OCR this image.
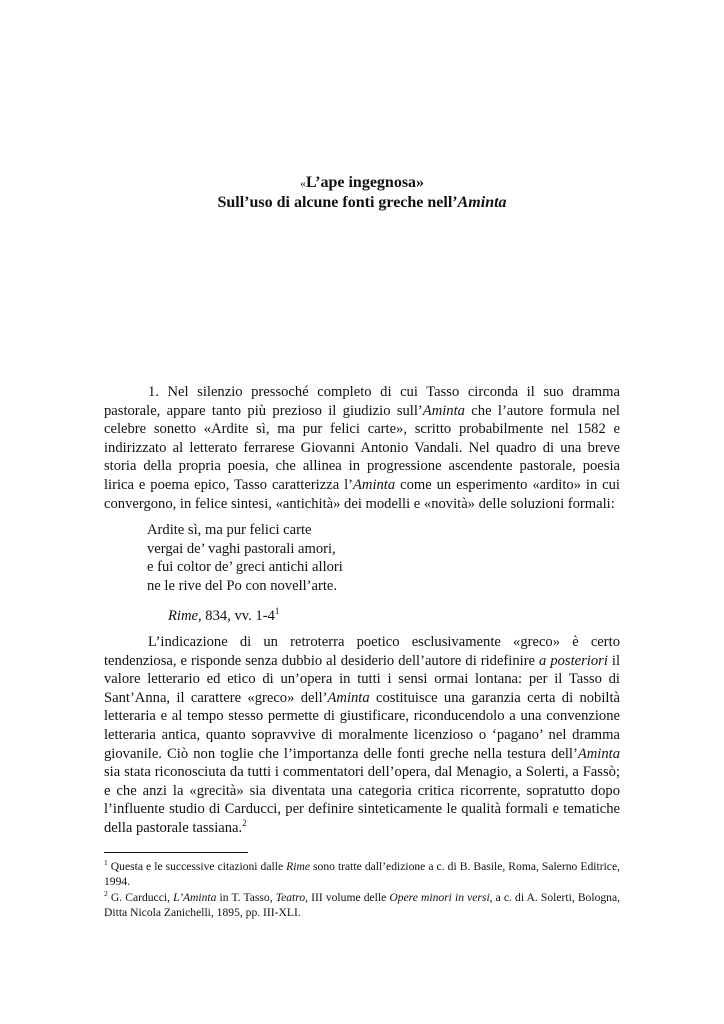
«L’ape ingegnosa»
Sull’uso di alcune fonti greche nell’Aminta

1. Nel silenzio pressoché completo di cui Tasso circonda il suo dramma pastorale, appare tanto più prezioso il giudizio sull’Aminta che l’autore formula nel celebre sonetto «Ardite sì, ma pur felici carte», scritto probabilmente nel 1582 e indirizzato al letterato ferrarese Giovanni Antonio Vandali. Nel quadro di una breve storia della propria poesia, che allinea in progressione ascendente pastorale, poesia lirica e poema epico, Tasso caratterizza l’Aminta come un esperimento «ardito» in cui convergono, in felice sintesi, «antichità» dei modelli e «novità» delle soluzioni formali:

Ardite sì, ma pur felici carte
vergai de’ vaghi pastorali amori,
e fui coltor de’ greci antichi allori
ne le rive del Po con novell’arte.
Rime, 834, vv. $1-4^1$

L’indicazione di un retroterra poetico esclusivamente «greco» è certo tendenziosa, e risponde senza dubbio al desiderio dell’autore di ridefinire a posteriori il valore letterario ed etico di un’opera in tutti i sensi ormai lontana: per il Tasso di Sant’Anna, il carattere «greco» dell’Aminta costituisce una garanzia certa di nobiltà letteraria e al tempo stesso permette di giustificare, riconducendolo a una convenzione letteraria antica, quanto sopravvive di moralmente licenzioso o ‘pagano’ nel dramma giovanile. Ciò non toglie che l’importanza delle fonti greche nella testura dell’Aminta sia stata riconosciuta da tutti i commentatori dell’opera, dal Menagio, a Solerti, a Fassò; e che anzi la «grecità» sia diventata una categoria critica ricorrente, sopratutto dopo l’influente studio di Carducci, per definire sinteticamente le qualità formali e tematiche della pastorale tassiana.$^2$

$^1$ Questa e le successive citazioni dalle Rime sono tratte dall’edizione a c. di B. Basile, Roma, Salerno Editrice, 1994.

$^2$ G. Carducci, L’Aminta in T. Tasso, Teatro, III volume delle Opere minori in versi, a c. di A. Solerti, Bologna, Ditta Nicola Zanichelli, 1895, pp. III-XLI.
